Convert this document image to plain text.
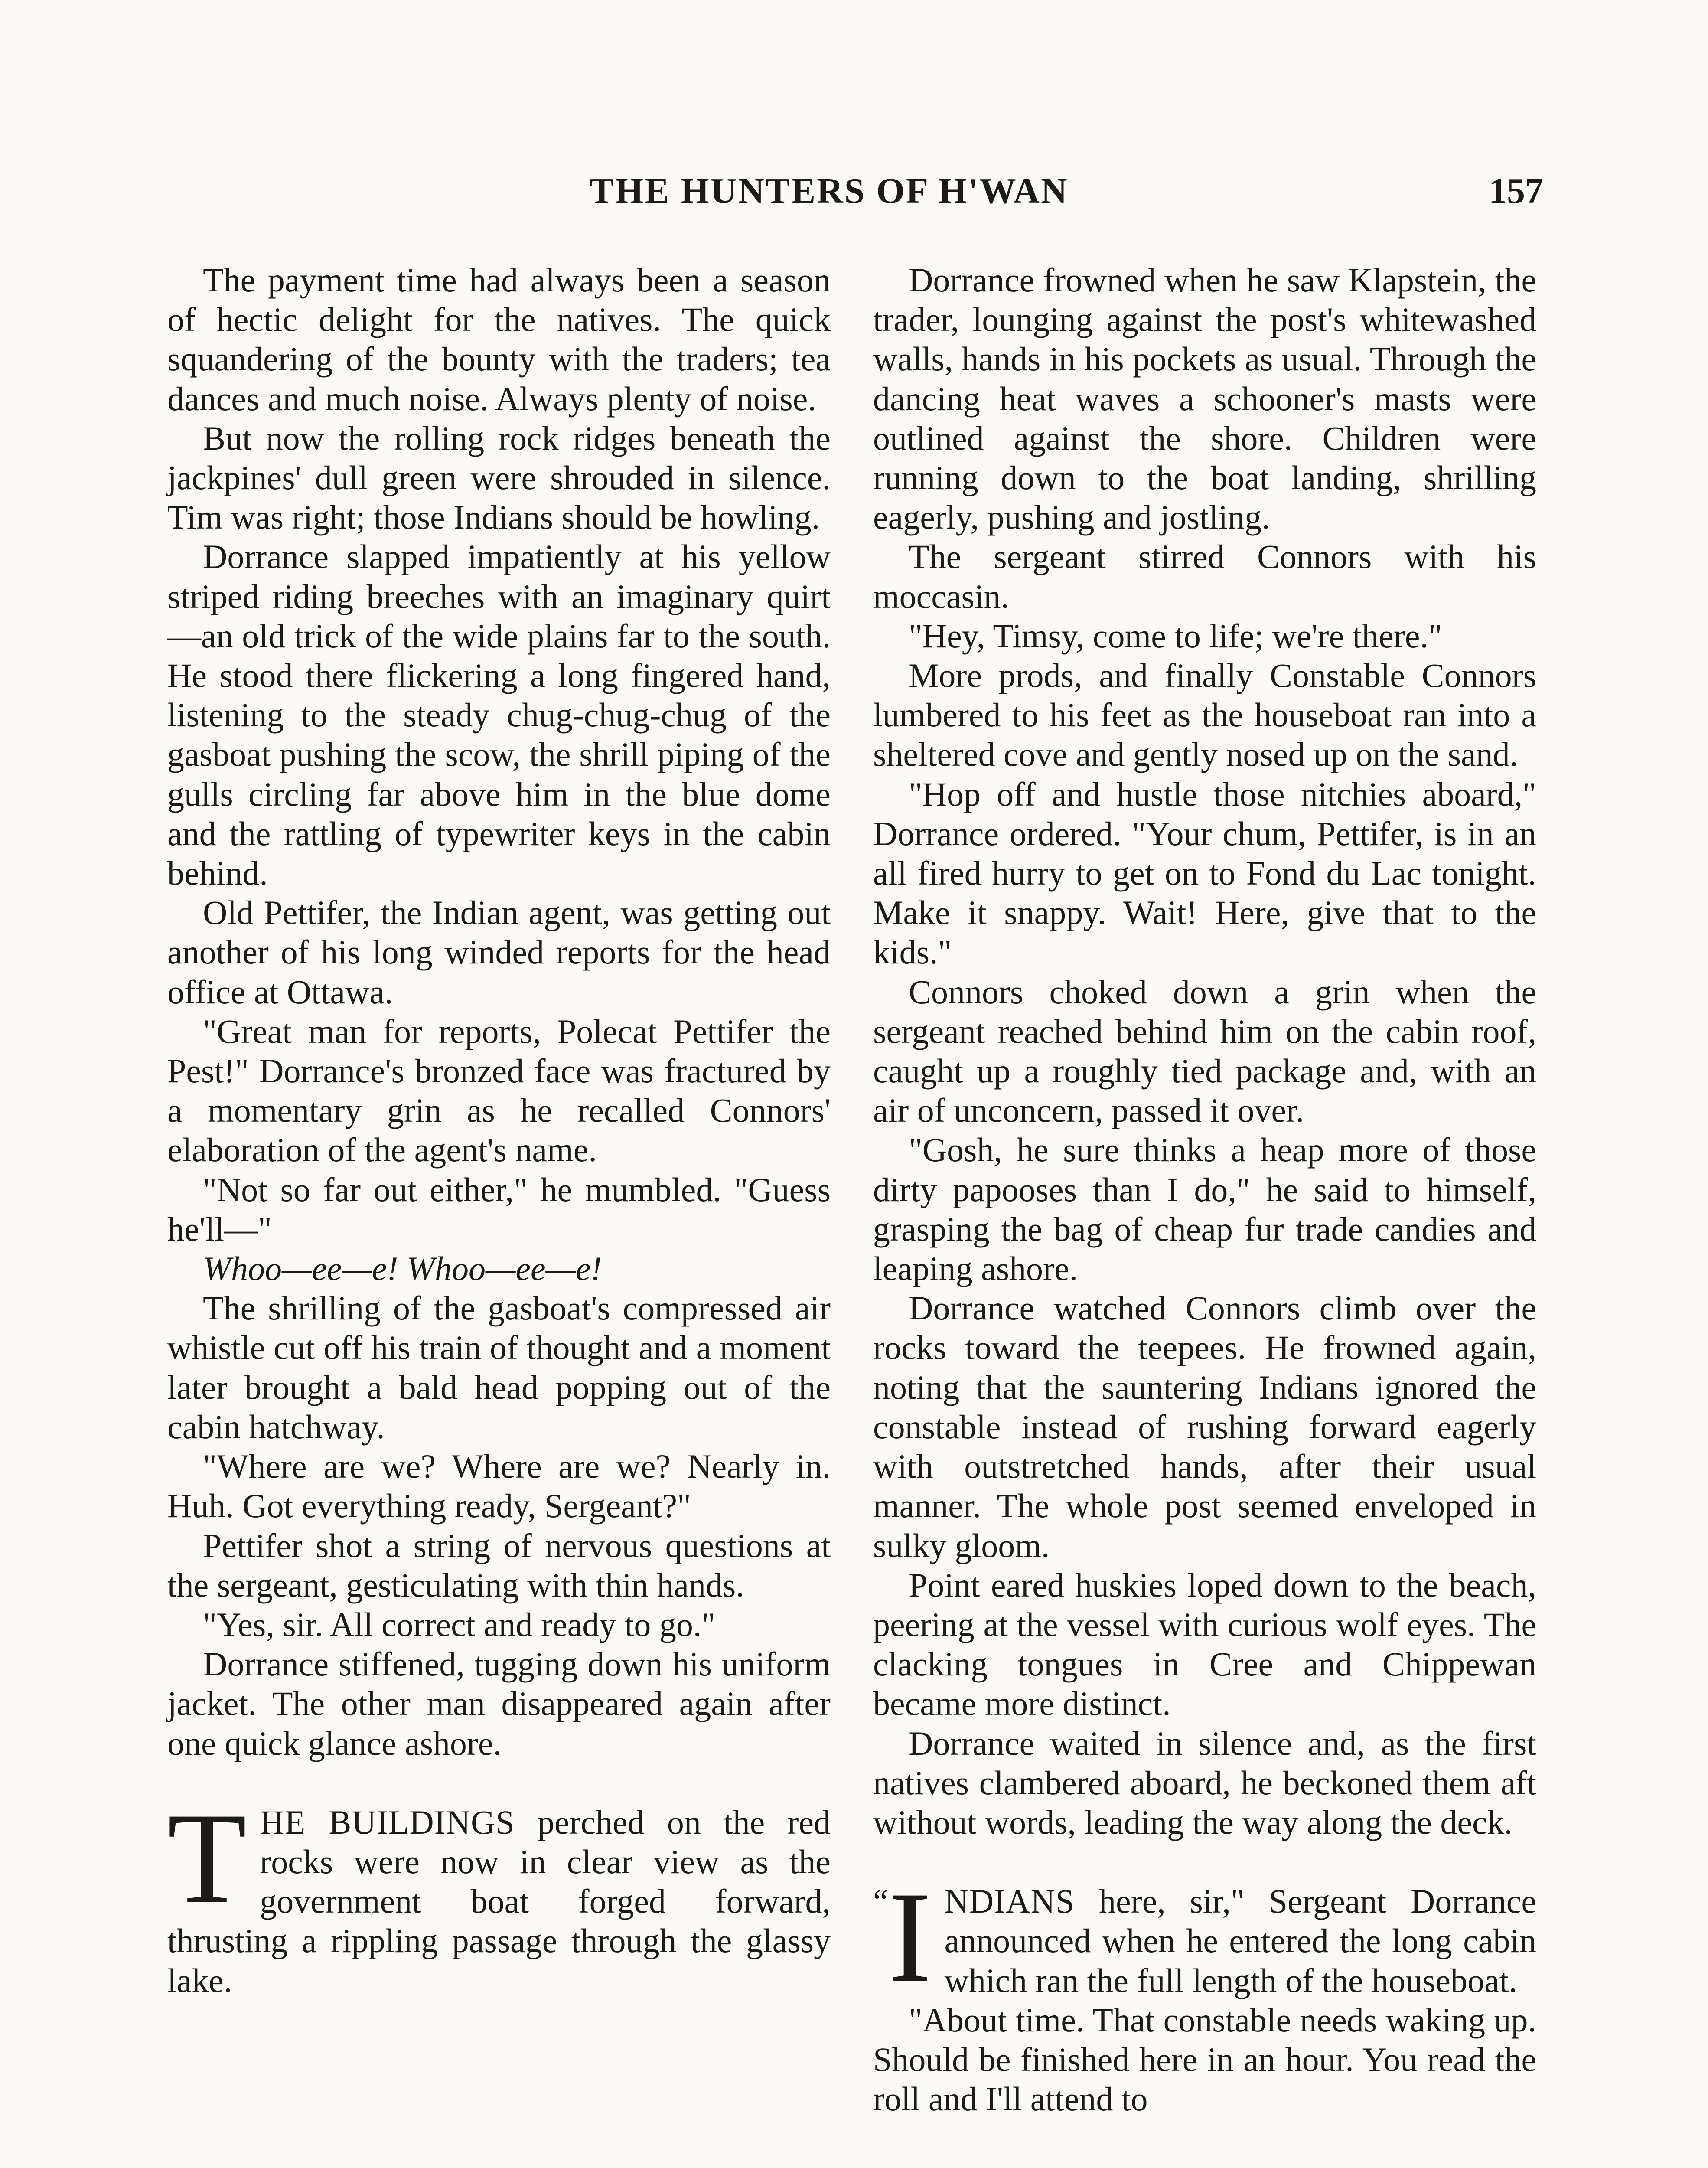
THE HUNTERS OF H'WAN	157

The payment time had always been a season of hectic delight for the natives. The quick squandering of the bounty with the traders; tea dances and much noise. Always plenty of noise.

But now the rolling rock ridges beneath the jackpines' dull green were shrouded in silence. Tim was right; those Indians should be howling.

Dorrance slapped impatiently at his yellow striped riding breeches with an imaginary quirt—an old trick of the wide plains far to the south. He stood there flickering a long fingered hand, listening to the steady chug-chug-chug of the gasboat pushing the scow, the shrill piping of the gulls circling far above him in the blue dome and the rattling of typewriter keys in the cabin behind.

Old Pettifer, the Indian agent, was getting out another of his long winded reports for the head office at Ottawa.

"Great man for reports, Polecat Pettifer the Pest!" Dorrance's bronzed face was fractured by a momentary grin as he recalled Connors' elaboration of the agent's name.

"Not so far out either," he mumbled. "Guess he'll—"

Whoo—ee—e! Whoo—ee—e!

The shrilling of the gasboat's compressed air whistle cut off his train of thought and a moment later brought a bald head popping out of the cabin hatchway.

"Where are we? Where are we? Nearly in. Huh. Got everything ready, Sergeant?"

Pettifer shot a string of nervous questions at the sergeant, gesticulating with thin hands.

"Yes, sir. All correct and ready to go."

Dorrance stiffened, tugging down his uniform jacket. The other man disappeared again after one quick glance ashore.

THE BUILDINGS perched on the red rocks were now in clear view as the government boat forged forward, thrusting a rippling passage through the glassy lake.

Dorrance frowned when he saw Klapstein, the trader, lounging against the post's whitewashed walls, hands in his pockets as usual. Through the dancing heat waves a schooner's masts were outlined against the shore. Children were running down to the boat landing, shrilling eagerly, pushing and jostling.

The sergeant stirred Connors with his moccasin.

"Hey, Timsy, come to life; we're there."

More prods, and finally Constable Connors lumbered to his feet as the houseboat ran into a sheltered cove and gently nosed up on the sand.

"Hop off and hustle those nitchies aboard," Dorrance ordered. "Your chum, Pettifer, is in an all fired hurry to get on to Fond du Lac tonight. Make it snappy. Wait! Here, give that to the kids."

Connors choked down a grin when the sergeant reached behind him on the cabin roof, caught up a roughly tied package and, with an air of unconcern, passed it over.

"Gosh, he sure thinks a heap more of those dirty papooses than I do," he said to himself, grasping the bag of cheap fur trade candies and leaping ashore.

Dorrance watched Connors climb over the rocks toward the teepees. He frowned again, noting that the sauntering Indians ignored the constable instead of rushing forward eagerly with outstretched hands, after their usual manner. The whole post seemed enveloped in sulky gloom.

Point eared huskies loped down to the beach, peering at the vessel with curious wolf eyes. The clacking tongues in Cree and Chippewan became more distinct.

Dorrance waited in silence and, as the first natives clambered aboard, he beckoned them aft without words, leading the way along the deck.

“ I NDIANS here, sir," Sergeant Dorrance announced when he entered the long cabin which ran the full length of the houseboat.

"About time. That constable needs waking up. Should be finished here in an hour. You read the roll and I'll attend to
